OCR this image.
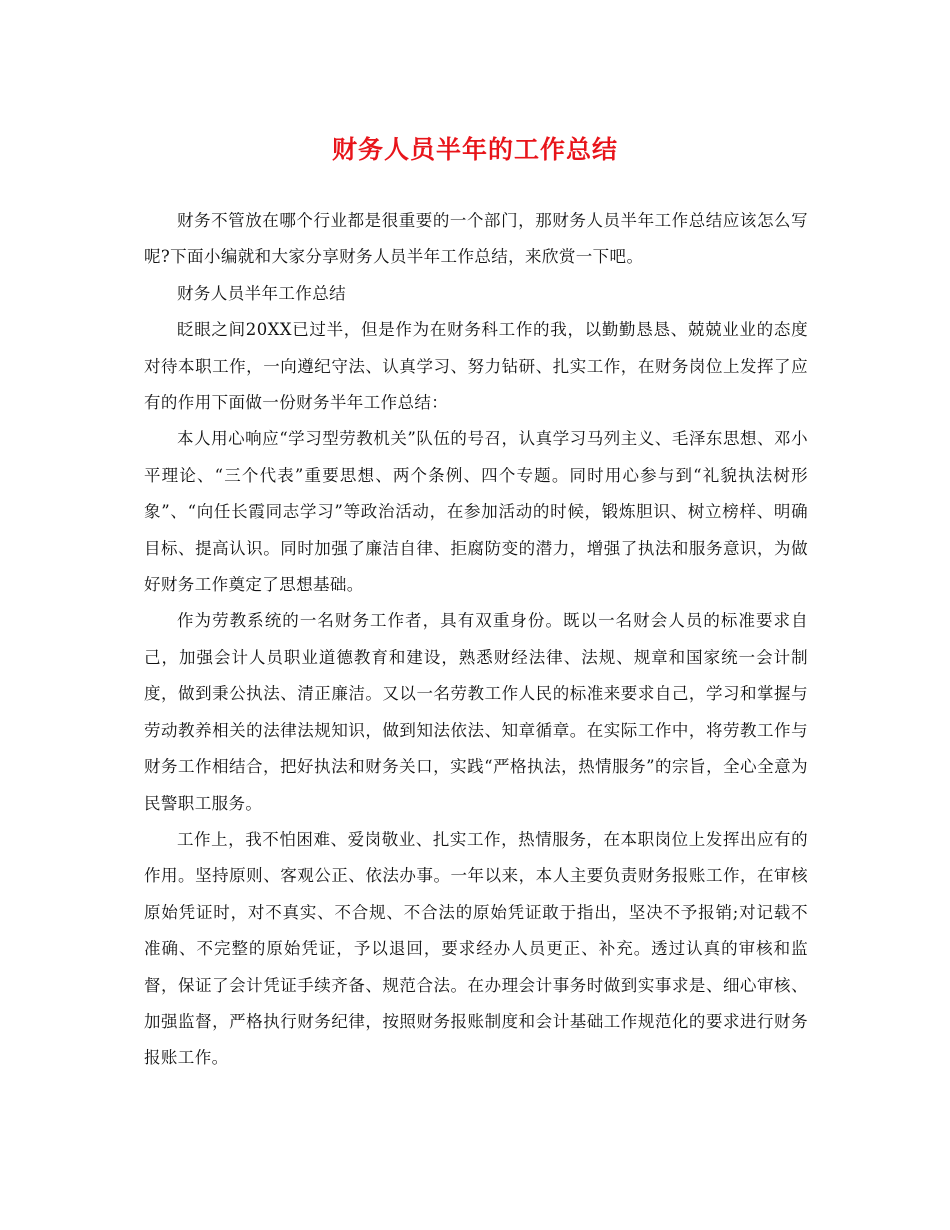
财务人员半年的工作总结

财务不管放在哪个行业都是很重要的一个部门，那财务人员半年工作总结应该怎么写呢?下面小编就和大家分享财务人员半年工作总结，来欣赏一下吧。

财务人员半年工作总结

眨眼之间20XX已过半，但是作为在财务科工作的我，以勤勤恳恳、兢兢业业的态度对待本职工作，一向遵纪守法、认真学习、努力钻研、扎实工作，在财务岗位上发挥了应有的作用下面做一份财务半年工作总结：

本人用心响应“学习型劳教机关”队伍的号召，认真学习马列主义、毛泽东思想、邓小平理论、“三个代表”重要思想、两个条例、四个专题。同时用心参与到“礼貌执法树形象”、“向任长霞同志学习”等政治活动，在参加活动的时候，锻炼胆识、树立榜样、明确目标、提高认识。同时加强了廉洁自律、拒腐防变的潜力，增强了执法和服务意识，为做好财务工作奠定了思想基础。

作为劳教系统的一名财务工作者，具有双重身份。既以一名财会人员的标准要求自己，加强会计人员职业道德教育和建设，熟悉财经法律、法规、规章和国家统一会计制度，做到秉公执法、清正廉洁。又以一名劳教工作人民的标准来要求自己，学习和掌握与劳动教养相关的法律法规知识，做到知法依法、知章循章。在实际工作中，将劳教工作与财务工作相结合，把好执法和财务关口，实践“严格执法，热情服务”的宗旨，全心全意为民警职工服务。

工作上，我不怕困难、爱岗敬业、扎实工作，热情服务，在本职岗位上发挥出应有的作用。坚持原则、客观公正、依法办事。一年以来，本人主要负责财务报账工作，在审核原始凭证时，对不真实、不合规、不合法的原始凭证敢于指出，坚决不予报销;对记载不准确、不完整的原始凭证，予以退回，要求经办人员更正、补充。透过认真的审核和监督，保证了会计凭证手续齐备、规范合法。在办理会计事务时做到实事求是、细心审核、加强监督，严格执行财务纪律，按照财务报账制度和会计基础工作规范化的要求进行财务报账工作。
